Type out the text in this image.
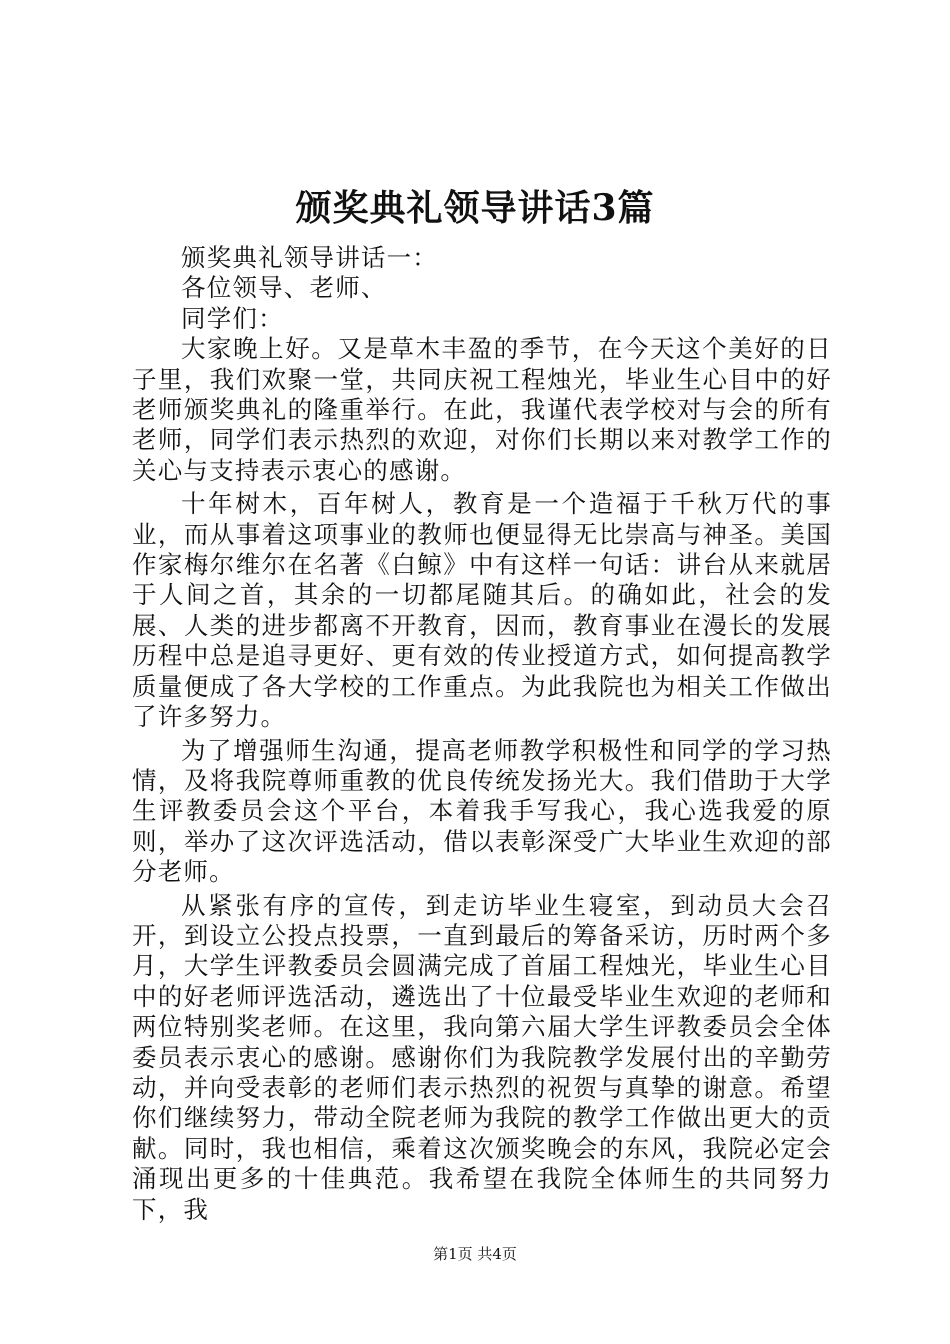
颁奖典礼领导讲话3篇

颁奖典礼领导讲话一：

各位领导、老师、

同学们：

大家晚上好。又是草木丰盈的季节，在今天这个美好的日子里，我们欢聚一堂，共同庆祝工程烛光，毕业生心目中的好老师颁奖典礼的隆重举行。在此，我谨代表学校对与会的所有老师，同学们表示热烈的欢迎，对你们长期以来对教学工作的关心与支持表示衷心的感谢。

十年树木，百年树人，教育是一个造福于千秋万代的事业，而从事着这项事业的教师也便显得无比崇高与神圣。美国作家梅尔维尔在名著《白鲸》中有这样一句话：讲台从来就居于人间之首，其余的一切都尾随其后。的确如此，社会的发展、人类的进步都离不开教育，因而，教育事业在漫长的发展历程中总是追寻更好、更有效的传业授道方式，如何提高教学质量便成了各大学校的工作重点。为此我院也为相关工作做出了许多努力。

为了增强师生沟通，提高老师教学积极性和同学的学习热情，及将我院尊师重教的优良传统发扬光大。我们借助于大学生评教委员会这个平台，本着我手写我心，我心选我爱的原则，举办了这次评选活动，借以表彰深受广大毕业生欢迎的部分老师。

从紧张有序的宣传，到走访毕业生寝室，到动员大会召开，到设立公投点投票，一直到最后的筹备采访，历时两个多月，大学生评教委员会圆满完成了首届工程烛光，毕业生心目中的好老师评选活动，遴选出了十位最受毕业生欢迎的老师和两位特别奖老师。在这里，我向第六届大学生评教委员会全体委员表示衷心的感谢。感谢你们为我院教学发展付出的辛勤劳动，并向受表彰的老师们表示热烈的祝贺与真挚的谢意。希望你们继续努力，带动全院老师为我院的教学工作做出更大的贡献。同时，我也相信，乘着这次颁奖晚会的东风，我院必定会涌现出更多的十佳典范。我希望在我院全体师生的共同努力下，我

第1页 共4页
